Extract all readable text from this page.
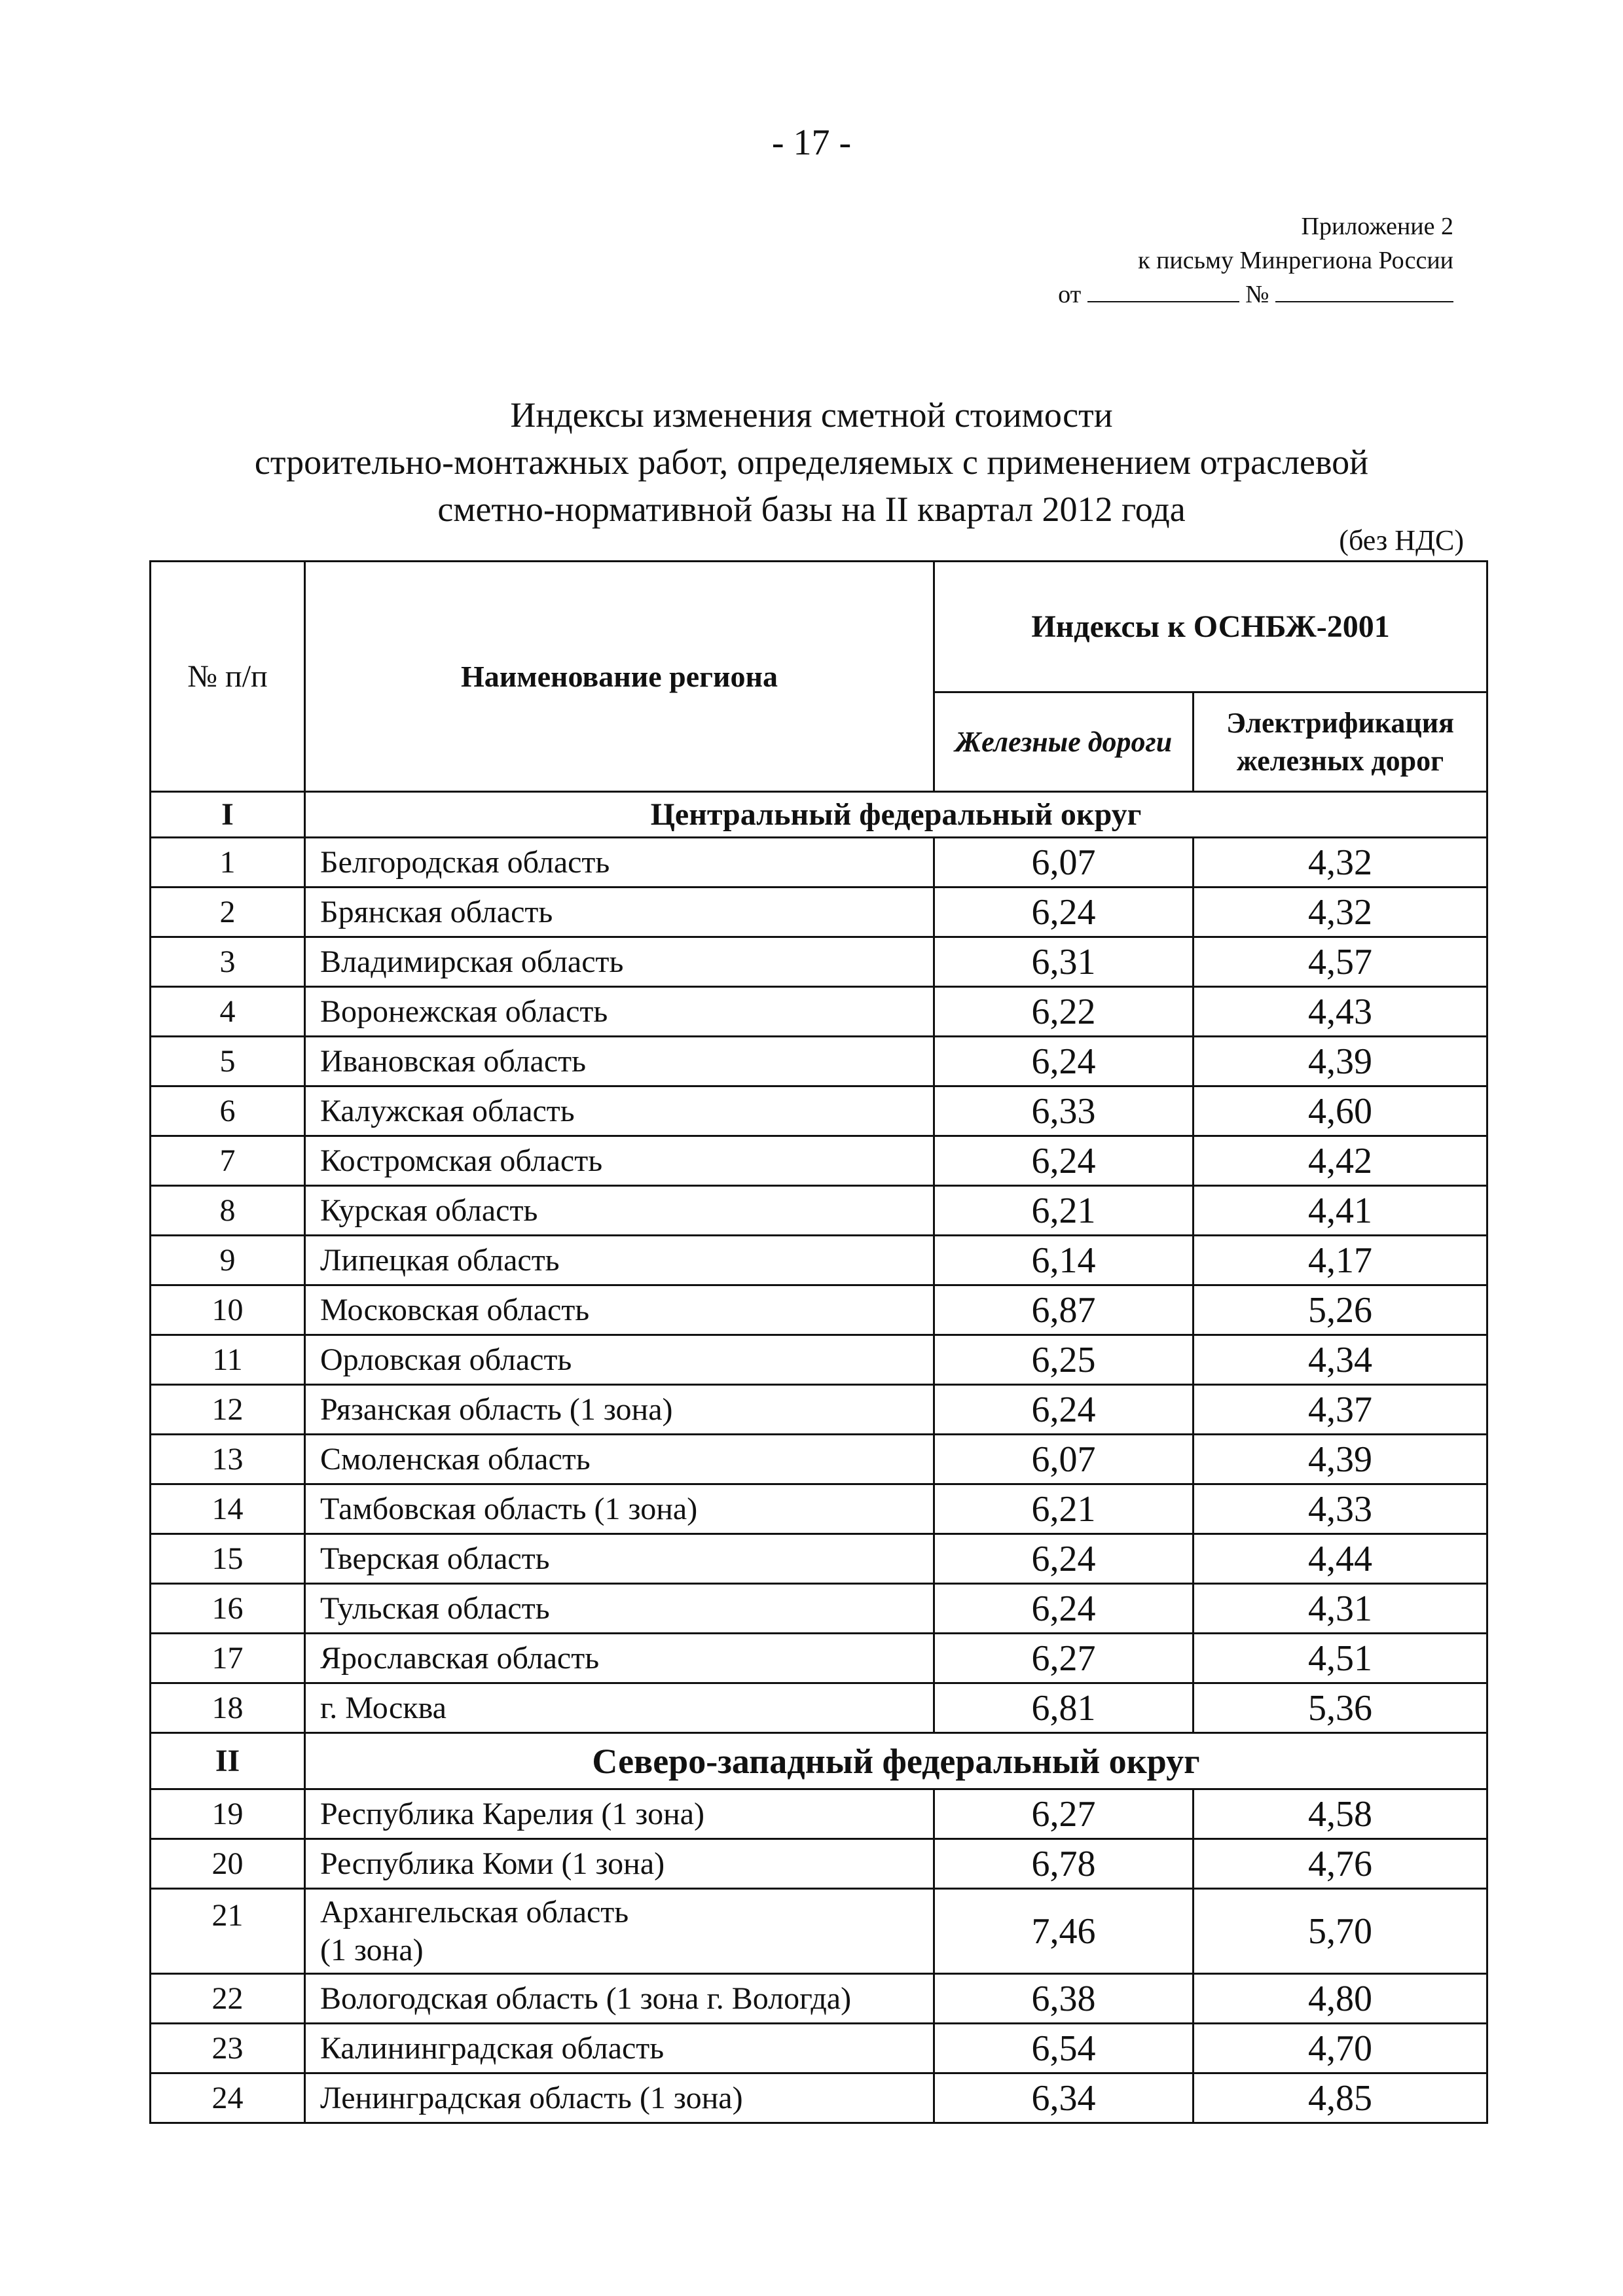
- 17 -
Приложение 2
к письму Минрегиона России
от	№
Индексы изменения сметной стоимости
строительно-монтажных работ, определяемых с применением отраслевой
сметно-нормативной базы на II квартал 2012 года
(без НДС)
№ п/п	Наименование региона	Индексы к ОСНБЖ-2001	
		Железные дороги	Электрификация железных дорог
I	Центральный федеральный округ		
1	Белгородская область	6,07	4,32
2	Брянская область	6,24	4,32
3	Владимирская область	6,31	4,57
4	Воронежская область	6,22	4,43
5	Ивановская область	6,24	4,39
6	Калужская область	6,33	4,60
7	Костромская область	6,24	4,42
8	Курская область	6,21	4,41
9	Липецкая область	6,14	4,17
10	Московская область	6,87	5,26
11	Орловская область	6,25	4,34
12	Рязанская область (1 зона)	6,24	4,37
13	Смоленская область	6,07	4,39
14	Тамбовская область (1 зона)	6,21	4,33
15	Тверская область	6,24	4,44
16	Тульская область	6,24	4,31
17	Ярославская область	6,27	4,51
18	г. Москва	6,81	5,36
II	Северо-западный федеральный округ		
19	Республика Карелия (1 зона)	6,27	4,58
20	Республика Коми (1 зона)	6,78	4,76
21	Архангельская область (1 зона)	7,46	5,70
22	Вологодская область (1 зона г. Вологда)	6,38	4,80
23	Калининградская область	6,54	4,70
24	Ленинградская область (1 зона)	6,34	4,85
